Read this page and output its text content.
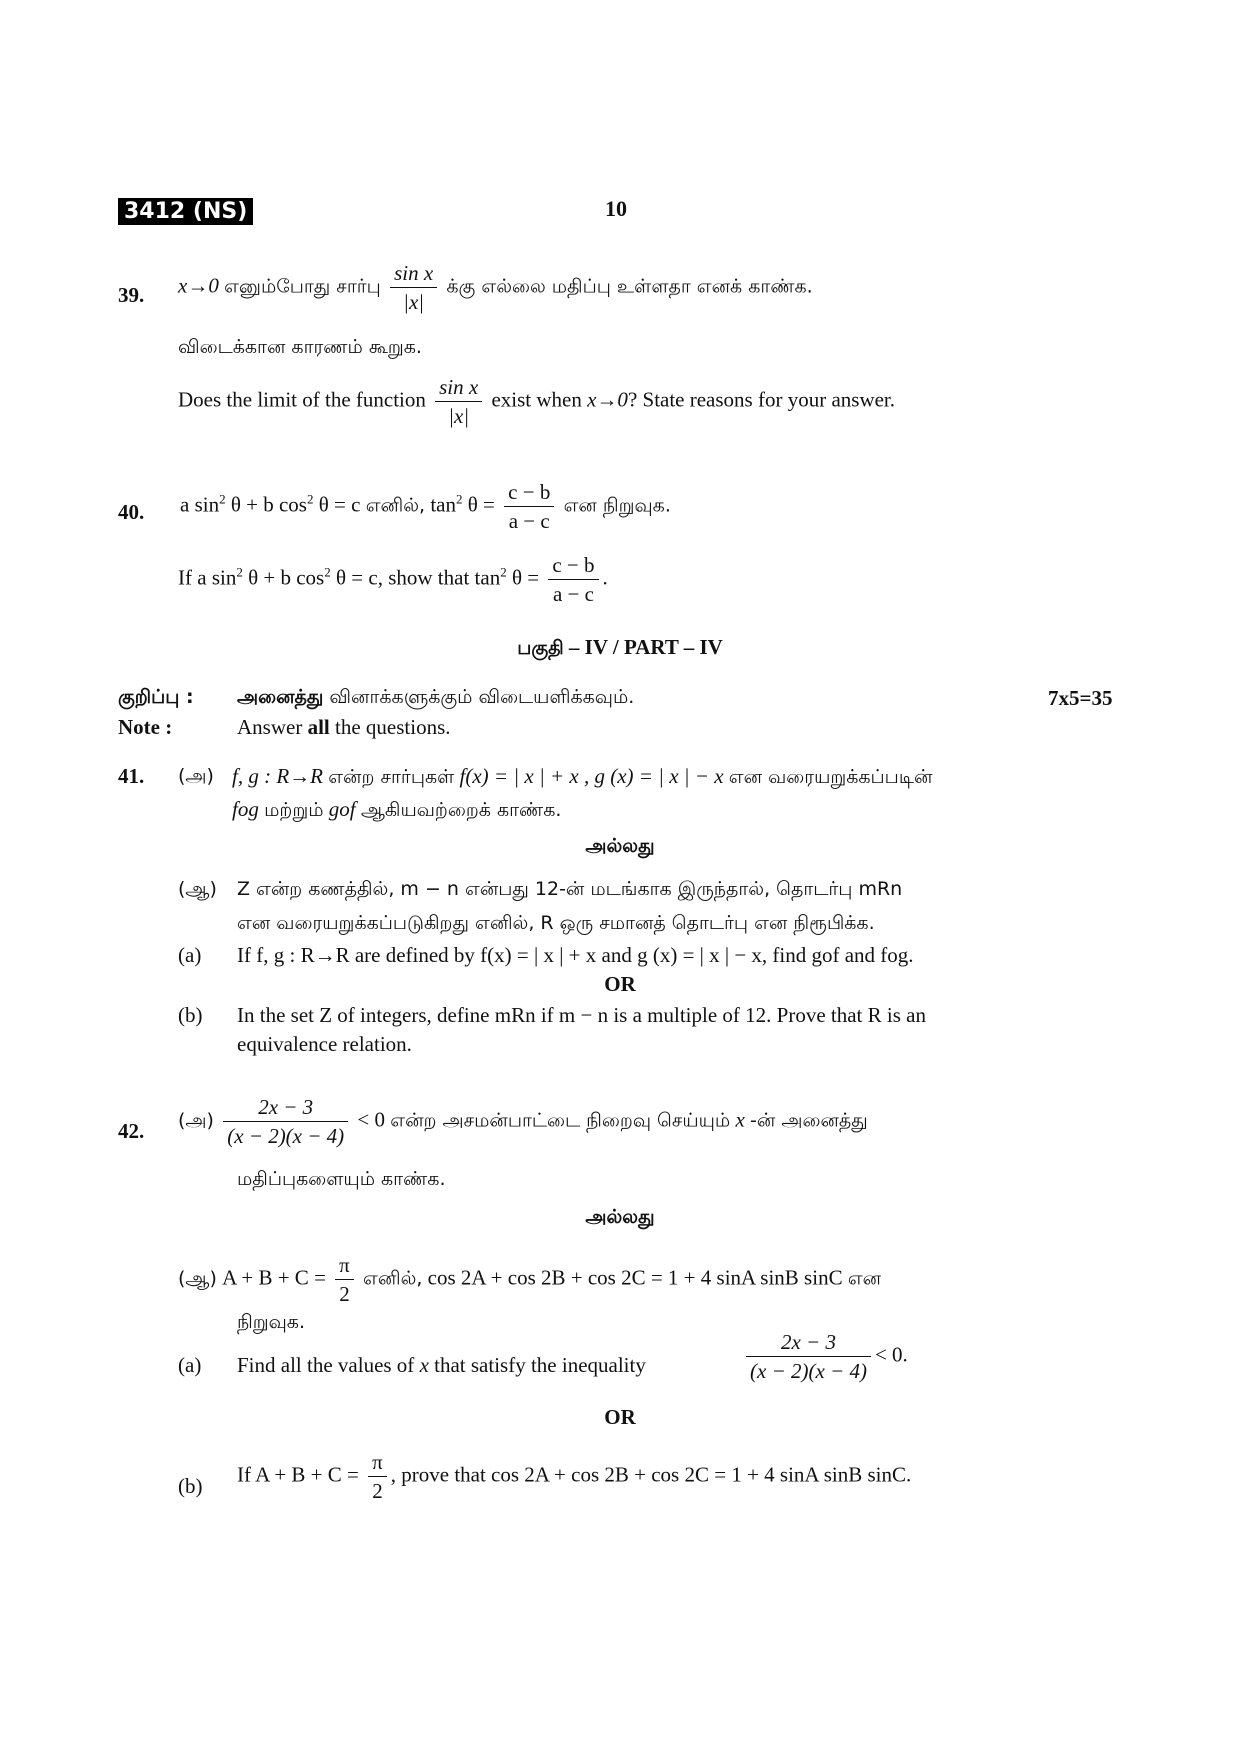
3412 (NS)	10
39. x→0 எனும்போது சார்பு $\frac{\text{sin x}}{|x|}$ க்கு எல்லை மதிப்பு உள்ளதா எனக் காண்க.
விடைக்கான காரணம் கூறுக.
Does the limit of the function $\frac{\text{sin x}}{|x|}$ exist when x→0? State reasons for your answer.
40. a $\sin^2 \theta + b$ $\cos^2 \theta = c$ எனில், $\tan^2 \theta = \frac{c - b}{a - c}$ என நிறுவுக.
If a $\sin^2 \theta + b$ $\cos^2 \theta = c$, show that $\tan^2 \theta = \frac{c - b}{a - c}$ .
பகுதி – IV / PART – IV
குறிப்பு : அனைத்து வினாக்களுக்கும் விடையளிக்கவும்.	7x5=35
Note :	Answer all the questions.
41. (அ) f, g : R→R என்ற சார்புகள் f(x) = | x | + x , g (x) = | x | − x என வரையறுக்கப்படின்
fog மற்றும் gof ஆகியவற்றைக் காண்க.
அல்லது
(ஆ) Z என்ற கணத்தில், m − n என்பது 12-ன் மடங்காக இருந்தால், தொடர்பு mRn
என வரையறுக்கப்படுகிறது எனில், R ஒரு சமானத் தொடர்பு என நிரூபிக்க.
(a) If f, g : R→R are defined by f(x) = | x | + x and g (x) = | x | − x, find gof and fog.
OR
(b) In the set Z of integers, define mRn if m − n is a multiple of 12. Prove that R is an
equivalence relation.
42. (அ) $\frac{2x - 3}{(x - 2)(x - 4)} < 0$ என்ற அசமன்பாட்டை நிறைவு செய்யும் x -ன் அனைத்து
மதிப்புகளையும் காண்க.
அல்லது
(ஆ) $A + B + C = \frac{\pi}{2}$ எனில், cos 2A + cos 2B + cos 2C = 1 + 4 sinA sinB sinC என
நிறுவுக.
(a) Find all the values of x that satisfy the inequality	$\frac{2x - 3}{(x - 2)(x - 4)} < 0$.
OR
(b) If $A + B + C = \frac{\pi}{2}$ , prove that cos 2A + cos 2B + cos 2C = 1 + 4 sinA sinB sinC.
